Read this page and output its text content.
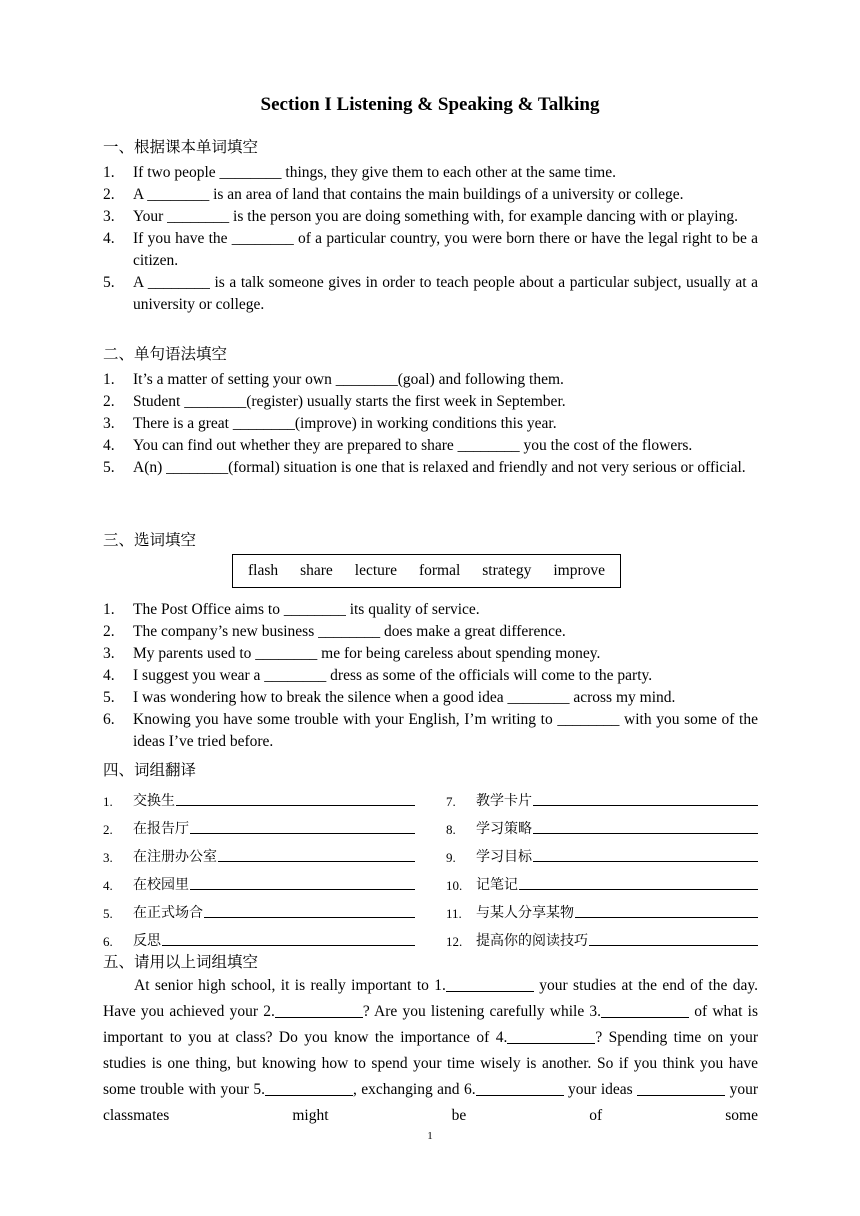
Section I Listening & Speaking & Talking
一、根据课本单词填空
1.	If two people ________ things, they give them to each other at the same time.
2.	A ________ is an area of land that contains the main buildings of a university or college.
3.	Your ________ is the person you are doing something with, for example dancing with or playing.
4.	If you have the ________ of a particular country, you were born there or have the legal right to be a citizen.
5.	A ________ is a talk someone gives in order to teach people about a particular subject, usually at a university or college.
二、单句语法填空
1.	It’s a matter of setting your own ________(goal) and following them.
2.	Student ________(register) usually starts the first week in September.
3.	There is a great ________(improve) in working conditions this year.
4.	You can find out whether they are prepared to share ________ you the cost of the flowers.
5.	A(n) ________(formal) situation is one that is relaxed and friendly and not very serious or official.
三、选词填空
flash share lecture formal strategy improve
1.	The Post Office aims to ________ its quality of service.
2.	The company’s new business ________ does make a great difference.
3.	My parents used to ________ me for being careless about spending money.
4.	I suggest you wear a ________ dress as some of the officials will come to the party.
5.	I was wondering how to break the silence when a good idea ________ across my mind.
6.	Knowing you have some trouble with your English, I’m writing to ________ with you some of the ideas I’ve tried before.
四、词组翻译
1.	交换生
2.	在报告厅
3.	在注册办公室
4.	在校园里
5.	在正式场合
6.	反思
7.	教学卡片
8.	学习策略
9.	学习目标
10. 记笔记
11.	与某人分享某物
12. 提高你的阅读技巧
五、请用以上词组填空
At senior high school, it is really important to 1.	your studies at the end of the day. Have you achieved your 2.	? Are you listening carefully while 3.	of what is important to you at class? Do you know the importance of 4.	? Spending time on your studies is one thing, but knowing how to spend your time wisely is another. So if you think you have some trouble with your 5.	, exchanging and 6.	your ideas	your classmates might be of some
1
